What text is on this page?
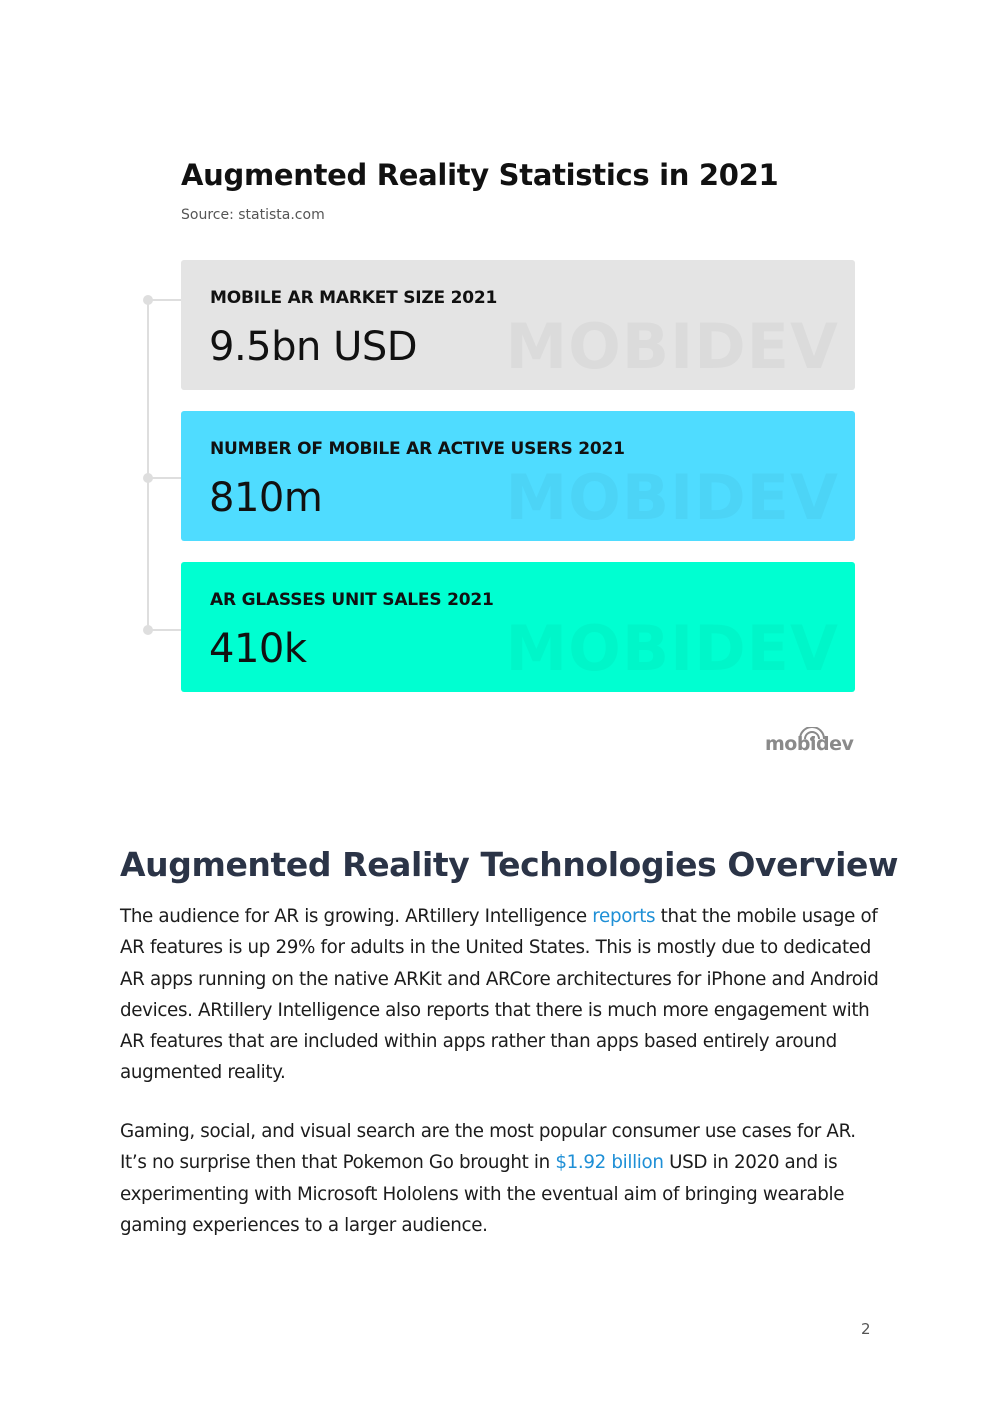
Augmented Reality Statistics in 2021
Source: statista.com
MOBILE AR MARKET SIZE 2021
9.5bn USD
NUMBER OF MOBILE AR ACTIVE USERS 2021
810m
AR GLASSES UNIT SALES 2021
410k
mobidev
Augmented Reality Technologies Overview

The audience for AR is growing. ARtillery Intelligence reports that the mobile usage of AR features is up 29% for adults in the United States. This is mostly due to dedicated AR apps running on the native ARKit and ARCore architectures for iPhone and Android devices. ARtillery Intelligence also reports that there is much more engagement with AR features that are included within apps rather than apps based entirely around augmented reality.

Gaming, social, and visual search are the most popular consumer use cases for AR. It’s no surprise then that Pokemon Go brought in $1.92 billion USD in 2020 and is experimenting with Microsoft Hololens with the eventual aim of bringing wearable gaming experiences to a larger audience.

2
